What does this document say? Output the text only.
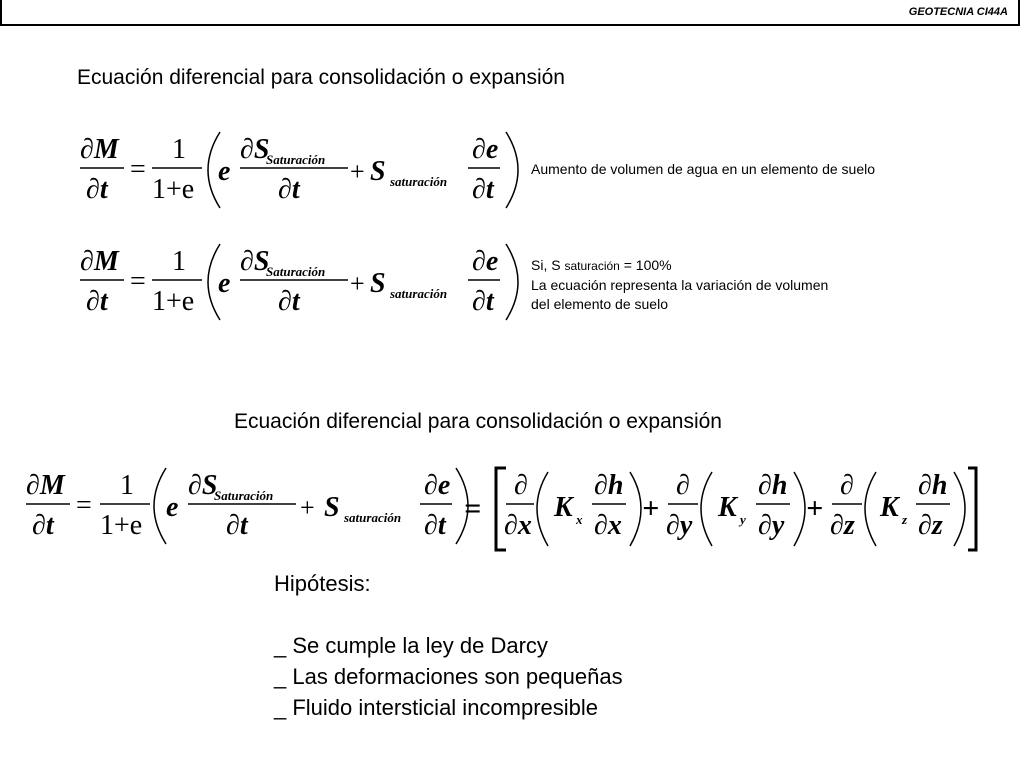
GEOTECNIA CI44A
Ecuación diferencial para consolidación o expansión
∂M
∂t
=
1
1+e
e
∂S
Saturación
∂t
+ S saturación
∂e
∂t
Aumento de volumen de agua en un elemento de suelo
∂M
∂t
=
1
1+e
e
∂S
Saturación
∂t
+ S saturación
∂e
∂t
Si, S saturación = 100%
La ecuación representa la variación de volumen
del elemento de suelo
Ecuación diferencial para consolidación o expansión
∂M
∂t
=
1
1+e
e
∂S
Saturación
∂t
+ S saturación
∂e
∂t
=
∂
∂x
K x
∂h
∂x
+
∂
∂y
K y
∂h
∂y
+
∂
∂z
K z
∂h
∂z
Hipótesis:
_ Se cumple la ley de Darcy
_ Las deformaciones son pequeñas
_ Fluido intersticial incompresible
